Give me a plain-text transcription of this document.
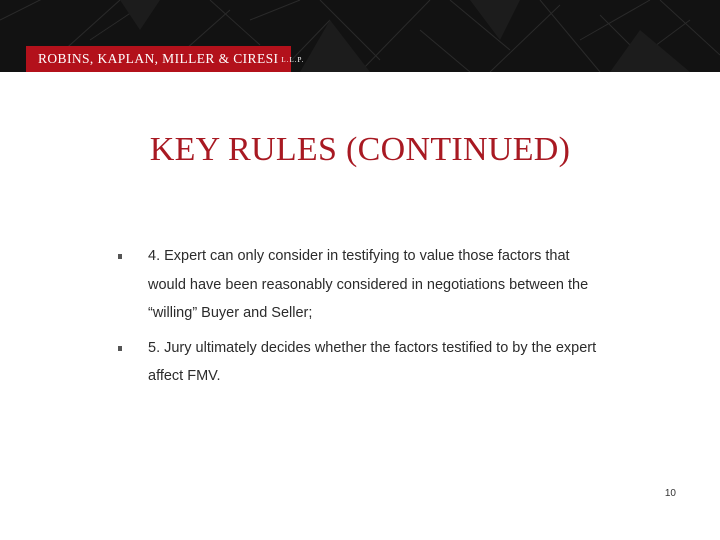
ROBINS, KAPLAN, MILLER & CIRESI L.L.P.
KEY RULES (CONTINUED)
4. Expert can only consider in testifying to value those factors that would have been reasonably considered in negotiations between the “willing” Buyer and Seller;
5. Jury ultimately decides whether the factors testified to by the expert affect FMV.
10
